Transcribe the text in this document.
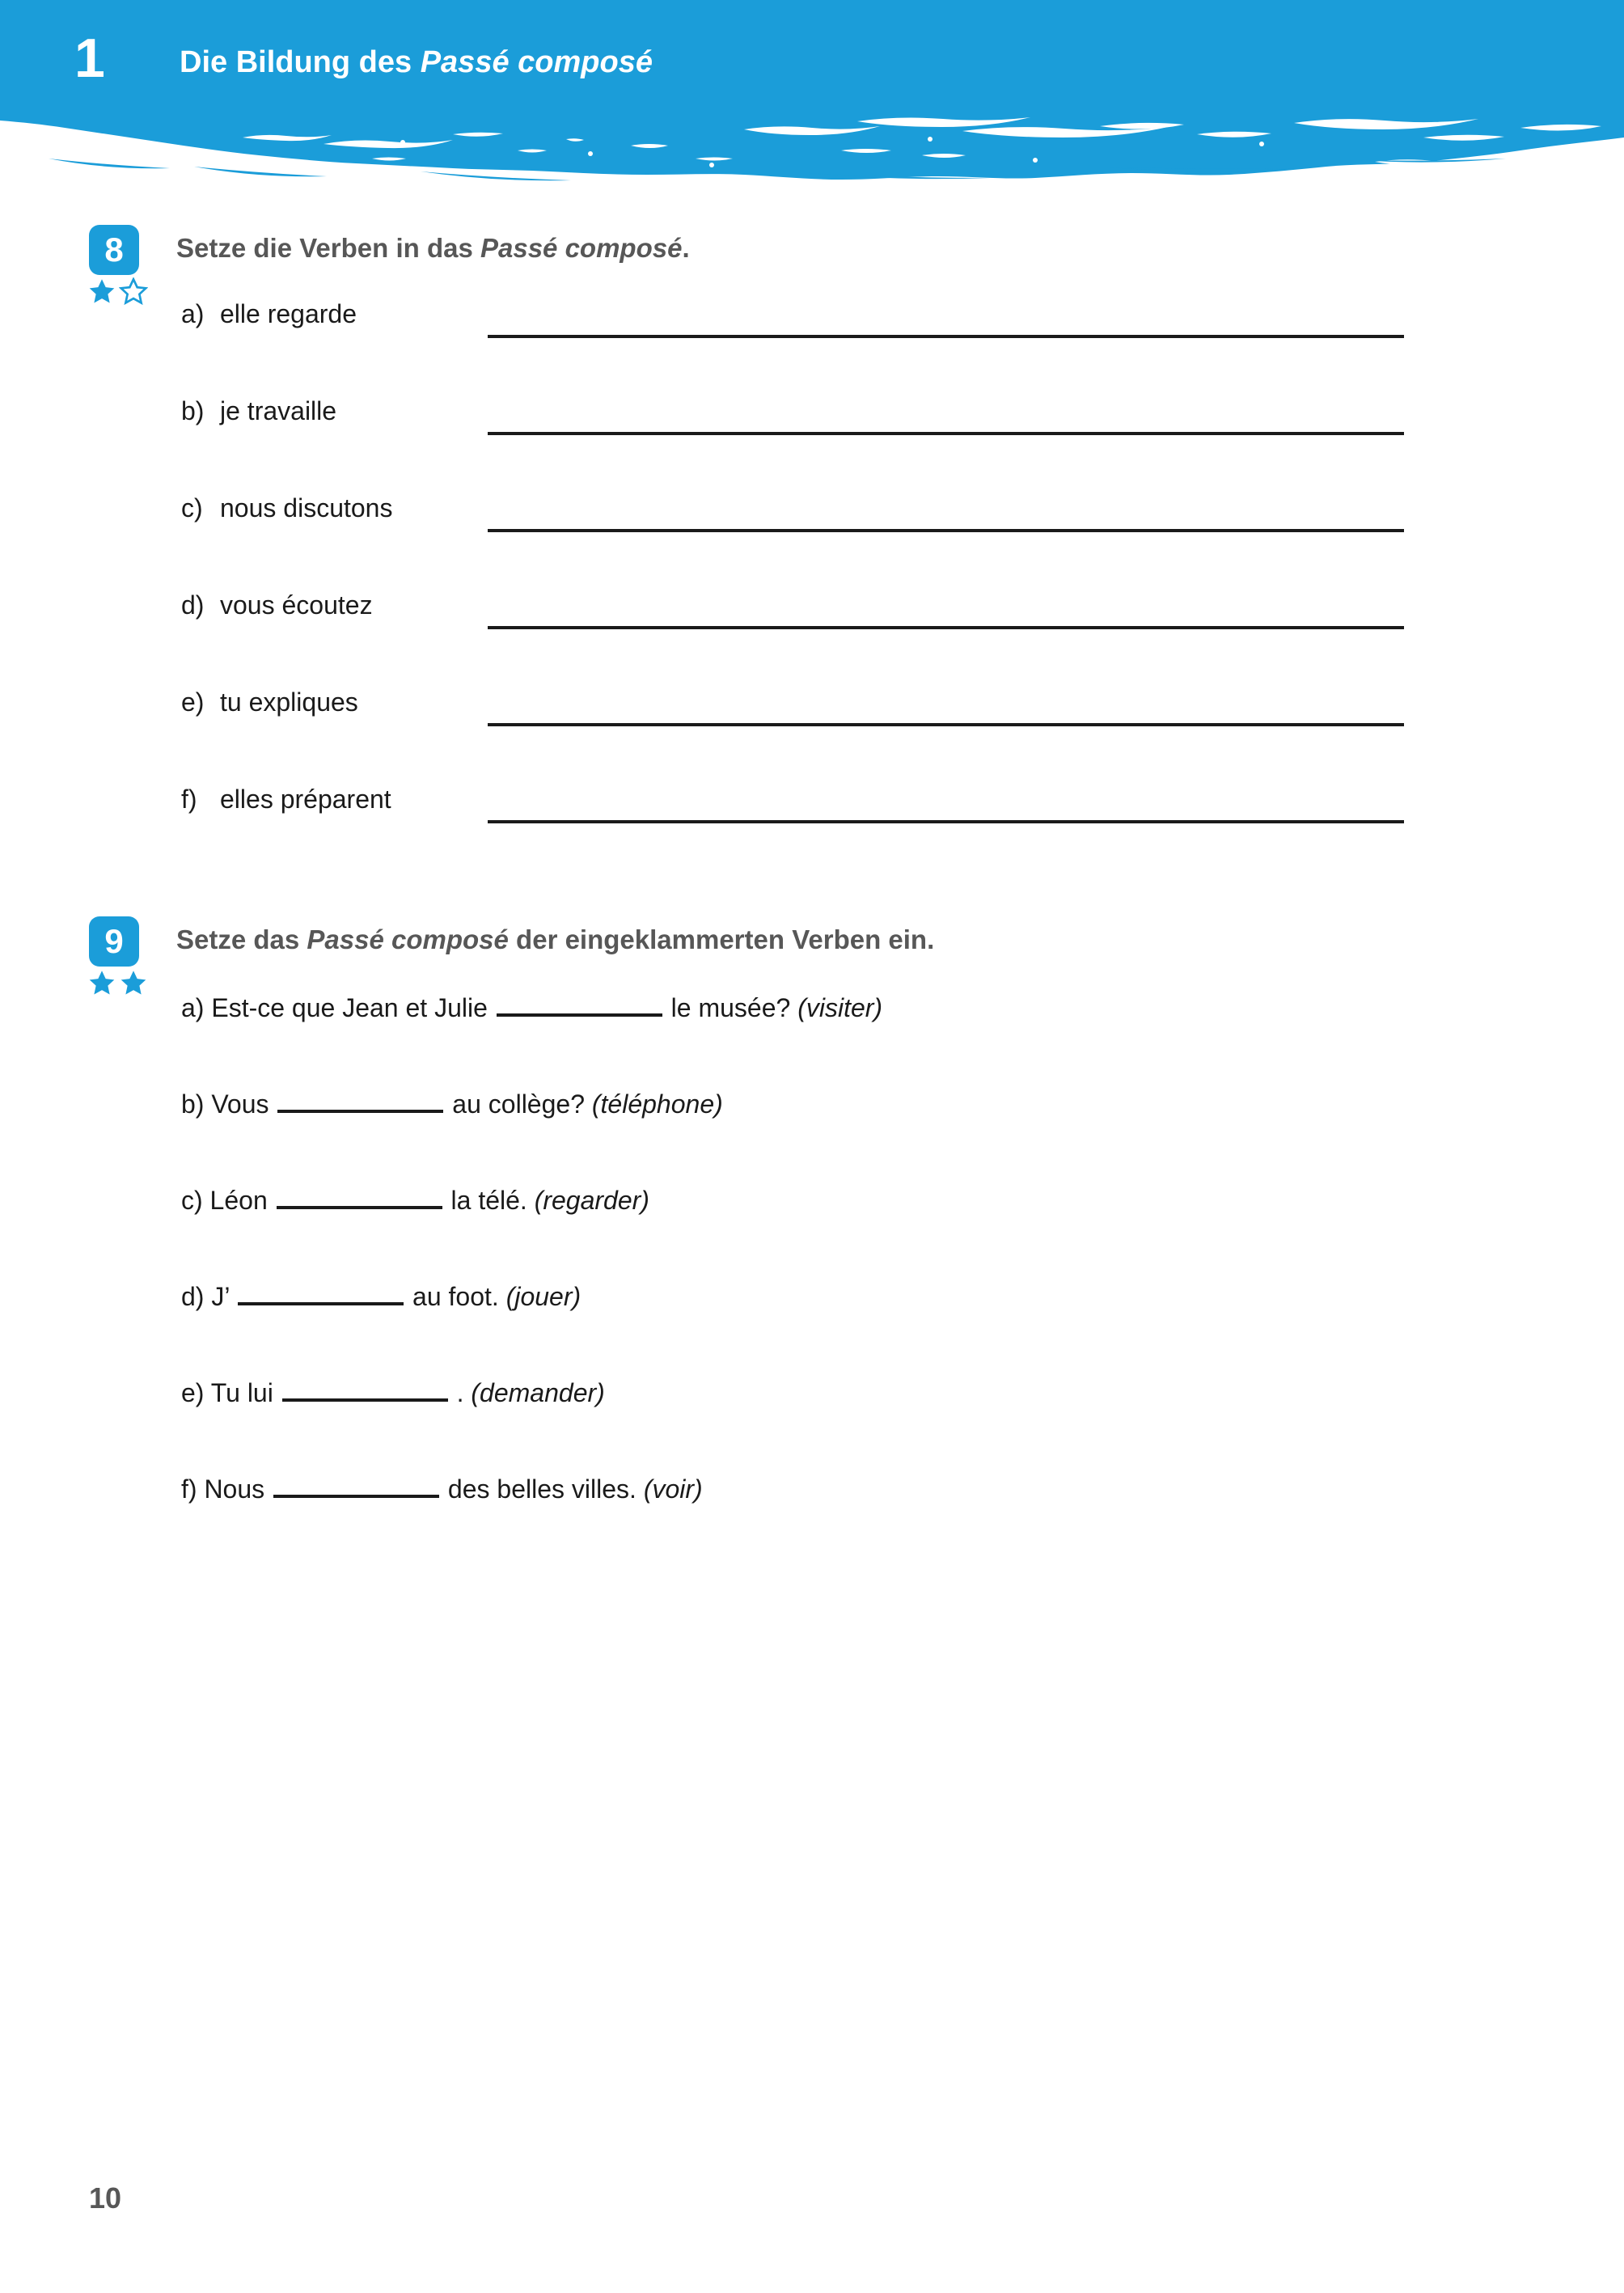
1 Die Bildung des Passé composé
8	Setze die Verben in das Passé composé.
a) elle regarde
b) je travaille
c) nous discutons
d) vous écoutez
e) tu expliques
f) elles préparent
9	Setze das Passé composé der eingeklammerten Verben ein.
a) Est-ce que Jean et Julie	le musée? (visiter)
b) Vous	au collège? (téléphone)
c) Léon	la télé. (regarder)
d) J’	au foot. (jouer)
e) Tu lui	. (demander)
f) Nous	des belles villes. (voir)
10
